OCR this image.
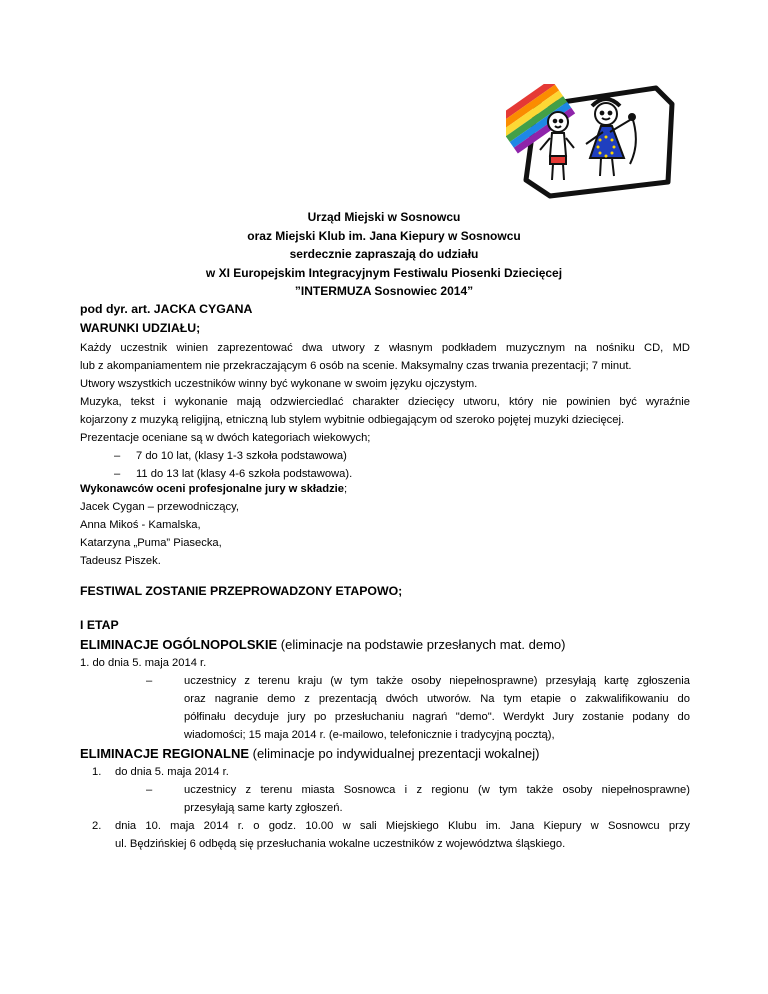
Urząd Miejski w Sosnowcu
oraz Miejski Klub im. Jana Kiepury w Sosnowcu
serdecznie zapraszają do udziału
w XI Europejskim Integracyjnym Festiwalu Piosenki Dziecięcej
”INTERMUZA Sosnowiec 2014”
pod dyr. art. JACKA CYGANA
WARUNKI UDZIAŁU;
Każdy uczestnik winien zaprezentować dwa utwory z własnym podkładem muzycznym na nośniku CD, MD
lub z akompaniamentem nie przekraczającym 6 osób na scenie. Maksymalny czas trwania prezentacji; 7 minut.
Utwory wszystkich uczestników winny być wykonane w swoim języku ojczystym.
Muzyka, tekst i wykonanie mają odzwierciedlać charakter dziecięcy utworu, który nie powinien być wyraźnie
kojarzony z muzyką religijną, etniczną lub stylem wybitnie odbiegającym od szeroko pojętej muzyki dziecięcej.
Prezentacje oceniane są w dwóch kategoriach wiekowych;
– 7 do 10 lat, (klasy 1-3 szkoła podstawowa)
– 11 do 13 lat (klasy 4-6 szkoła podstawowa).
Wykonawców oceni profesjonalne jury w składzie;
Jacek Cygan – przewodniczący,
Anna Mikoś - Kamalska,
Katarzyna „Puma” Piasecka,
Tadeusz Piszek.
FESTIWAL ZOSTANIE PRZEPROWADZONY ETAPOWO;
I ETAP
ELIMINACJE OGÓLNOPOLSKIE (eliminacje na podstawie przesłanych mat. demo)
1. do dnia 5. maja 2014 r.
–	uczestnicy z terenu kraju (w tym także osoby niepełnosprawne) przesyłają kartę zgłoszenia
oraz nagranie demo z prezentacją dwóch utworów. Na tym etapie o zakwalifikowaniu do
półfinału decyduje jury po przesłuchaniu nagrań "demo". Werdykt Jury zostanie podany do
wiadomości; 15 maja 2014 r. (e-mailowo, telefonicznie i tradycyjną pocztą),
ELIMINACJE REGIONALNE (eliminacje po indywidualnej prezentacji wokalnej)
1. do dnia 5. maja 2014 r.
–	uczestnicy z terenu miasta Sosnowca i z regionu (w tym także osoby niepełnosprawne)
przesyłają same karty zgłoszeń.
2. dnia 10. maja 2014 r. o godz. 10.00 w sali Miejskiego Klubu im. Jana Kiepury w Sosnowcu przy
ul. Będzińskiej 6 odbędą się przesłuchania wokalne uczestników z województwa śląskiego.
